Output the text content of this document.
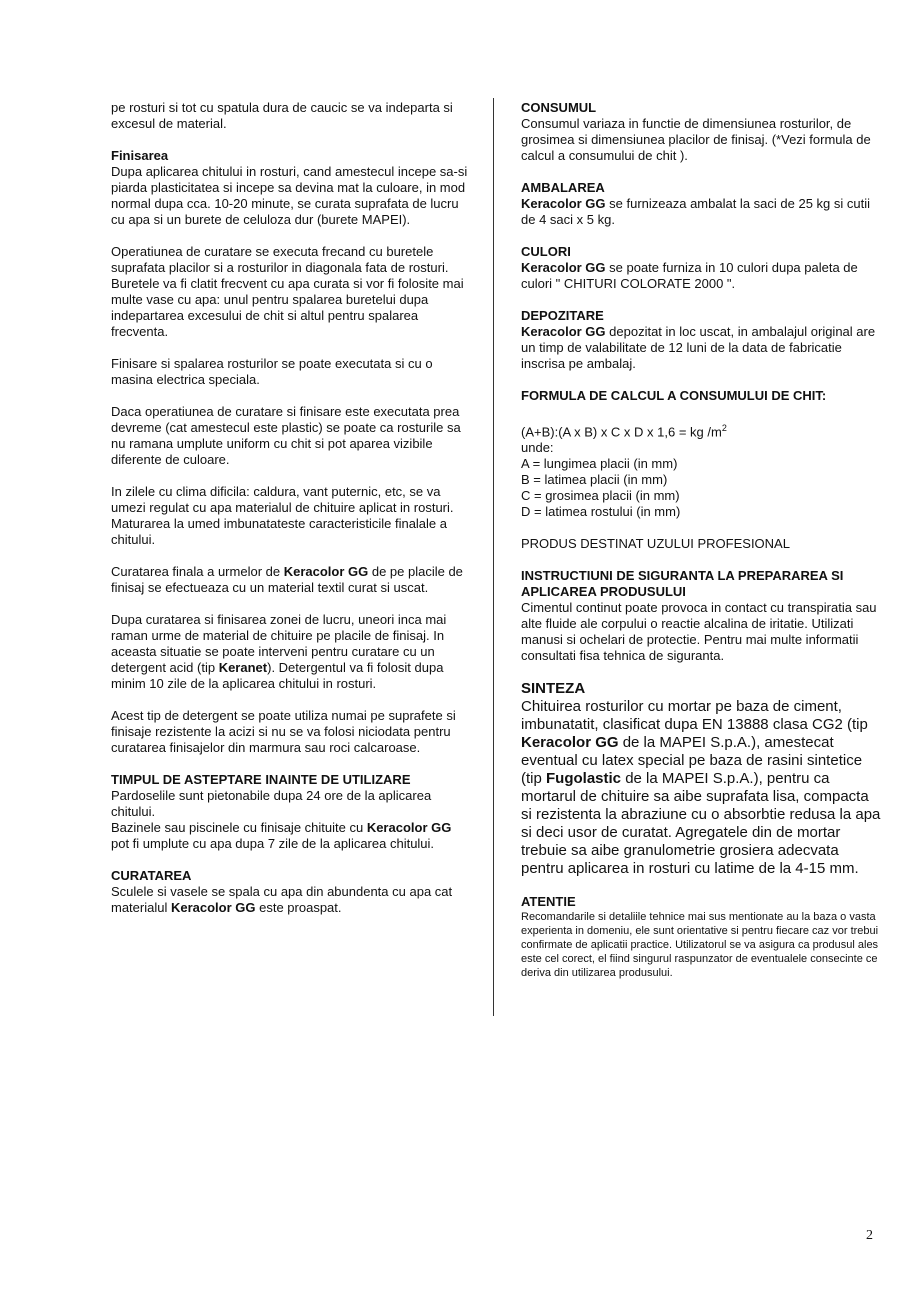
pe rosturi si tot cu spatula dura de caucic se va indeparta si excesul de material.

Finisarea

Dupa aplicarea chitului in rosturi, cand amestecul incepe sa-si piarda plasticitatea si incepe sa devina mat la culoare, in mod normal dupa cca. 10-20 minute, se curata suprafata de lucru cu apa si un burete de celuloza dur (burete MAPEI).

Operatiunea de curatare se executa frecand cu buretele suprafata placilor si a rosturilor in diagonala fata de rosturi. Buretele va fi clatit frecvent cu apa curata si vor fi folosite mai multe vase cu apa: unul pentru spalarea buretelui dupa indepartarea excesului de chit si altul pentru spalarea frecventa.

Finisare si spalarea rosturilor se poate executata si cu o masina electrica speciala.

Daca operatiunea de curatare si finisare este executata prea devreme (cat amestecul este plastic) se poate ca rosturile sa nu ramana umplute uniform cu chit si pot aparea vizibile diferente de culoare.

In zilele cu clima dificila: caldura, vant puternic, etc, se va umezi regulat cu apa materialul de chituire aplicat in rosturi. Maturarea la umed imbunatateste caracteristicile finalale a chitului.

Curatarea finala a urmelor de Keracolor GG de pe placile de finisaj se efectueaza cu un material textil curat si uscat.

Dupa curatarea si finisarea zonei de lucru, uneori inca mai raman urme de material de chituire pe placile de finisaj. In aceasta situatie se poate interveni pentru curatare cu un detergent acid (tip Keranet). Detergentul va fi folosit dupa minim 10 zile de la aplicarea chitului in rosturi.

Acest tip de detergent se poate utiliza numai pe suprafete si finisaje rezistente la acizi si nu se va folosi niciodata pentru curatarea finisajelor din marmura sau roci calcaroase.

TIMPUL DE ASTEPTARE INAINTE DE UTILIZARE

Pardoselile sunt pietonabile dupa 24 ore de la aplicarea chitului.

Bazinele sau piscinele cu finisaje chituite cu Keracolor GG pot fi umplute cu apa dupa 7 zile de la aplicarea chitului.

CURATAREA

Sculele si vasele se spala cu apa din abundenta cu apa cat materialul Keracolor GG este proaspat.

CONSUMUL

Consumul variaza in functie de dimensiunea rosturilor, de grosimea si dimensiunea placilor de finisaj. (*Vezi formula de calcul a consumului de chit ).

AMBALAREA

Keracolor GG se furnizeaza ambalat la saci de 25 kg si cutii de 4 saci x 5 kg.

CULORI

Keracolor GG se poate furniza in 10 culori dupa paleta de culori " CHITURI COLORATE 2000 ".

DEPOZITARE

Keracolor GG depozitat in loc uscat, in ambalajul original are un timp de valabilitate de 12 luni de la data de fabricatie inscrisa pe ambalaj.

FORMULA DE CALCUL A CONSUMULUI DE CHIT:

(A+B):(A x B) x C x D x 1,6 = kg $/m^2$

unde:

A = lungimea placii (in mm)

B = latimea placii (in mm)

C = grosimea placii (in mm)

D = latimea rostului (in mm)

PRODUS DESTINAT UZULUI PROFESIONAL

INSTRUCTIUNI DE SIGURANTA LA PREPARAREA SI APLICAREA PRODUSULUI

Cimentul continut poate provoca in contact cu transpiratia sau alte fluide ale corpului o reactie alcalina de iritatie. Utilizati manusi si ochelari de protectie. Pentru mai multe informatii consultati fisa tehnica de siguranta.

SINTEZA

Chituirea rosturilor cu mortar pe baza de ciment, imbunatatit, clasificat dupa EN 13888 clasa CG2 (tip Keracolor GG de la MAPEI S.p.A.), amestecat eventual cu latex special pe baza de rasini sintetice (tip Fugolastic de la MAPEI S.p.A.), pentru ca mortarul de chituire sa aibe suprafata lisa, compacta si rezistenta la abraziune cu o absorbtie redusa la apa si deci usor de curatat. Agregatele din de mortar trebuie sa aibe granulometrie grosiera adecvata pentru aplicarea in rosturi cu latime de la 4-15 mm.

ATENTIE

Recomandarile si detaliile tehnice mai sus mentionate au la baza o vasta experienta in domeniu, ele sunt orientative si pentru fiecare caz vor trebui confirmate de aplicatii practice. Utilizatorul se va asigura ca produsul ales este cel corect, el fiind singurul raspunzator de eventualele consecinte ce deriva din utilizarea produsului.

2
